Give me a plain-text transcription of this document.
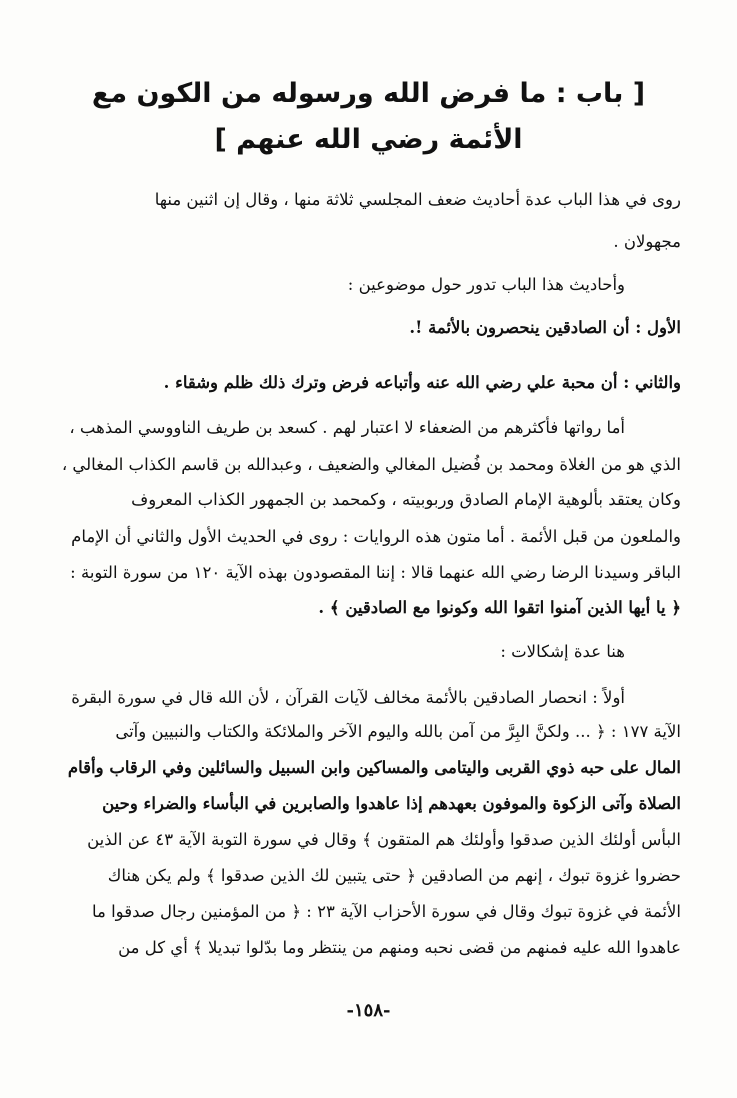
[ باب : ما فرض الله ورسوله من الكون مع
الأئمة رضي الله عنهم ]

روى في هذا الباب عدة أحاديث ضعف المجلسي ثلاثة منها ، وقال إن اثنين منها

مجهولان .

وأحاديث هذا الباب تدور حول موضوعين :

الأول : أن الصادقين ينحصرون بالأئمة !.

والثاني : أن محبة علي رضي الله عنه وأتباعه فرض وترك ذلك ظلم وشقاء .

أما رواتها فأكثرهم من الضعفاء لا اعتبار لهم . كسعد بن طريف الناووسي المذهب ،

الذي هو من الغلاة ومحمد بن فُضيل المغالي والضعيف ، وعبدالله بن قاسم الكذاب المغالي ،

وكان يعتقد بألوهية الإمام الصادق وربوبيته ، وكمحمد بن الجمهور الكذاب المعروف

والملعون من قبل الأئمة . أما متون هذه الروايات : روى في الحديث الأول والثاني أن الإمام

الباقر وسيدنا الرضا رضي الله عنهما قالا : إننا المقصودون بهذه الآية ١٢٠ من سورة التوبة :

﴿ يا أيها الذين آمنوا اتقوا الله وكونوا مع الصادقين ﴾ .

هنا عدة إشكالات :

أولاً : انحصار الصادقين بالأئمة مخالف لآيات القرآن ، لأن الله قال في سورة البقرة

الآية ١٧٧ : ﴿ ... ولكنَّ البِرَّ من آمن بالله واليوم الآخر والملائكة والكتاب والنبيين وآتى

المال على حبه ذوي القربى واليتامى والمساكين وابن السبيل والسائلين وفي الرقاب وأقام

الصلاة وآتى الزكوة والموفون بعهدهم إذا عاهدوا والصابرين في البأساء والضراء وحين

البأس أولئك الذين صدقوا وأولئك هم المتقون ﴾ وقال في سورة التوبة الآية ٤٣ عن الذين

حضروا غزوة تبوك ، إنهم من الصادقين ﴿ حتى يتبين لك الذين صدقوا ﴾ ولم يكن هناك

الأئمة في غزوة تبوك وقال في سورة الأحزاب الآية ٢٣ : ﴿ من المؤمنين رجال صدقوا ما

عاهدوا الله عليه فمنهم من قضى نحبه ومنهم من ينتظر وما بدّلوا تبديلا ﴾ أي كل من

-١٥٨-
